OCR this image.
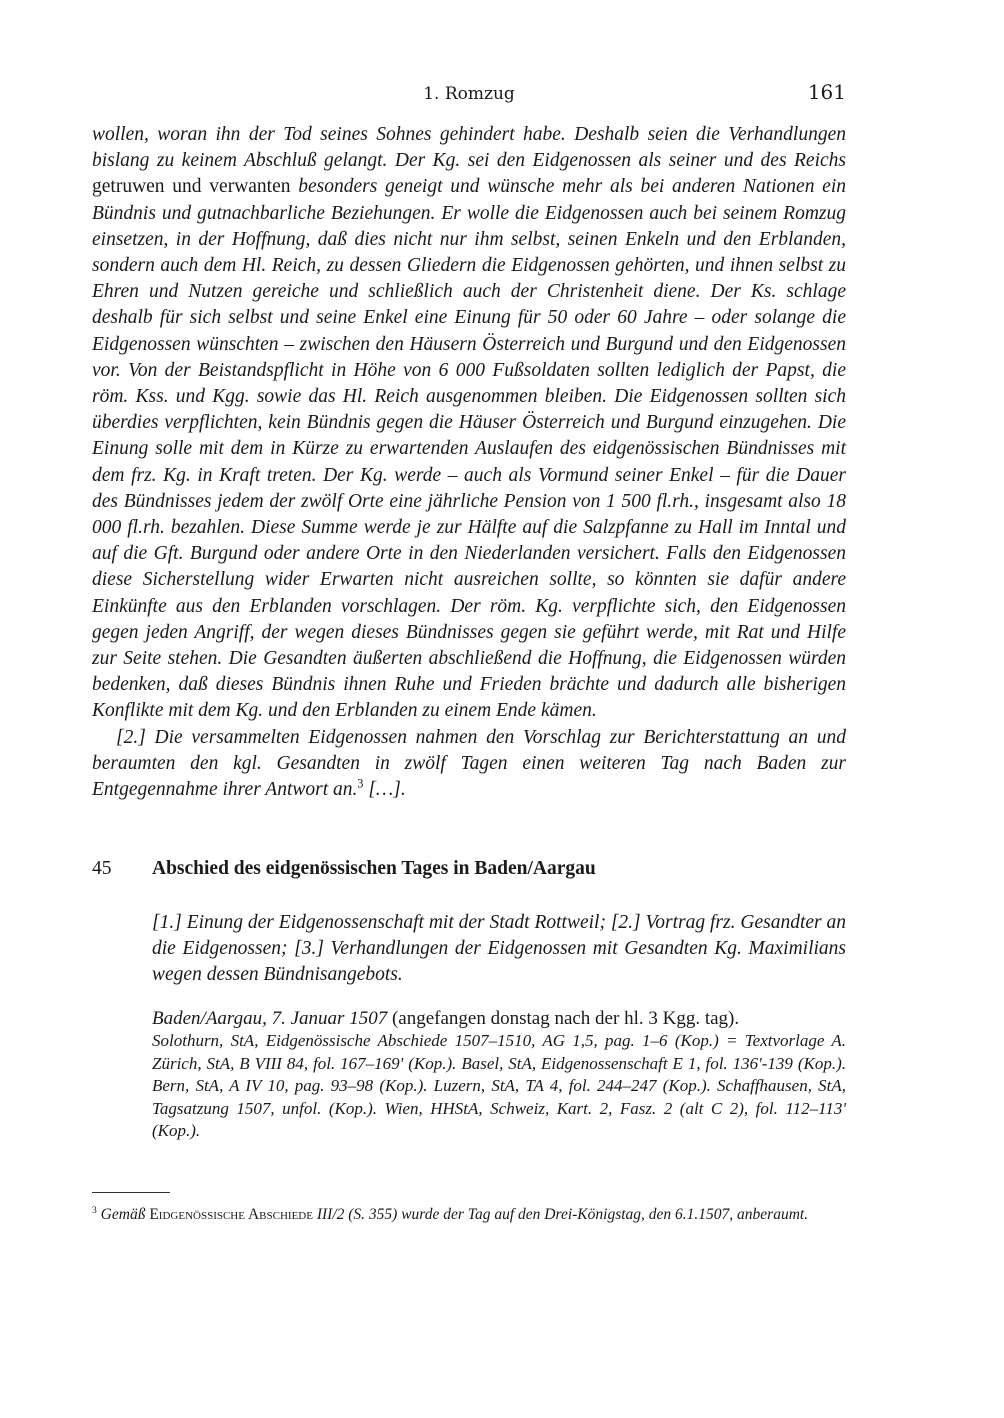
1. Romzug	161

wollen, woran ihn der Tod seines Sohnes gehindert habe. Deshalb seien die Verhandlungen bislang zu keinem Abschluß gelangt. Der Kg. sei den Eidgenossen als seiner und des Reichs getruwen und verwanten besonders geneigt und wünsche mehr als bei anderen Nationen ein Bündnis und gutnachbarliche Beziehungen. Er wolle die Eidgenossen auch bei seinem Romzug einsetzen, in der Hoffnung, daß dies nicht nur ihm selbst, seinen Enkeln und den Erblanden, sondern auch dem Hl. Reich, zu dessen Gliedern die Eidgenossen gehörten, und ihnen selbst zu Ehren und Nutzen gereiche und schließlich auch der Christenheit diene. Der Ks. schlage deshalb für sich selbst und seine Enkel eine Einung für 50 oder 60 Jahre – oder solange die Eidgenossen wünschten – zwischen den Häusern Österreich und Burgund und den Eidgenossen vor. Von der Beistandspflicht in Höhe von 6 000 Fußsoldaten sollten lediglich der Papst, die röm. Kss. und Kgg. sowie das Hl. Reich ausgenommen bleiben. Die Eidgenossen sollten sich überdies verpflichten, kein Bündnis gegen die Häuser Österreich und Burgund einzugehen. Die Einung solle mit dem in Kürze zu erwartenden Auslaufen des eidgenössischen Bündnisses mit dem frz. Kg. in Kraft treten. Der Kg. werde – auch als Vormund seiner Enkel – für die Dauer des Bündnisses jedem der zwölf Orte eine jährliche Pension von 1 500 fl.rh., insgesamt also 18 000 fl.rh. bezahlen. Diese Summe werde je zur Hälfte auf die Salzpfanne zu Hall im Inntal und auf die Gft. Burgund oder andere Orte in den Niederlanden versichert. Falls den Eidgenossen diese Sicherstellung wider Erwarten nicht ausreichen sollte, so könnten sie dafür andere Einkünfte aus den Erblanden vorschlagen. Der röm. Kg. verpflichte sich, den Eidgenossen gegen jeden Angriff, der wegen dieses Bündnisses gegen sie geführt werde, mit Rat und Hilfe zur Seite stehen. Die Gesandten äußerten abschließend die Hoffnung, die Eidgenossen würden bedenken, daß dieses Bündnis ihnen Ruhe und Frieden brächte und dadurch alle bisherigen Konflikte mit dem Kg. und den Erblanden zu einem Ende kämen.

[2.] Die versammelten Eidgenossen nahmen den Vorschlag zur Berichterstattung an und beraumten den kgl. Gesandten in zwölf Tagen einen weiteren Tag nach Baden zur Entgegennahme ihrer Antwort an.$^3$ […].

45 Abschied des eidgenössischen Tages in Baden/Aargau
[1.] Einung der Eidgenossenschaft mit der Stadt Rottweil; [2.] Vortrag frz. Gesandter an die Eidgenossen; [3.] Verhandlungen der Eidgenossen mit Gesandten Kg. Maximilians wegen dessen Bündnisangebots.
Baden/Aargau, 7. Januar 1507 (angefangen donstag nach der hl. 3 Kgg. tag).
Solothurn, StA, Eidgenössische Abschiede 1507–1510, AG 1,5, pag. 1–6 (Kop.) = Textvorlage A. Zürich, StA, B VIII 84, fol. 167–169' (Kop.). Basel, StA, Eidgenossenschaft E 1, fol. 136'-139 (Kop.). Bern, StA, A IV 10, pag. 93–98 (Kop.). Luzern, StA, TA 4, fol. 244–247 (Kop.). Schaffhausen, StA, Tagsatzung 1507, unfol. (Kop.). Wien, HHStA, Schweiz, Kart. 2, Fasz. 2 (alt C 2), fol. 112–113' (Kop.).
$^3$ Gemäß Eidgenössische Abschiede III/2 (S. 355) wurde der Tag auf den Drei-Königstag, den 6.1.1507, anberaumt.
